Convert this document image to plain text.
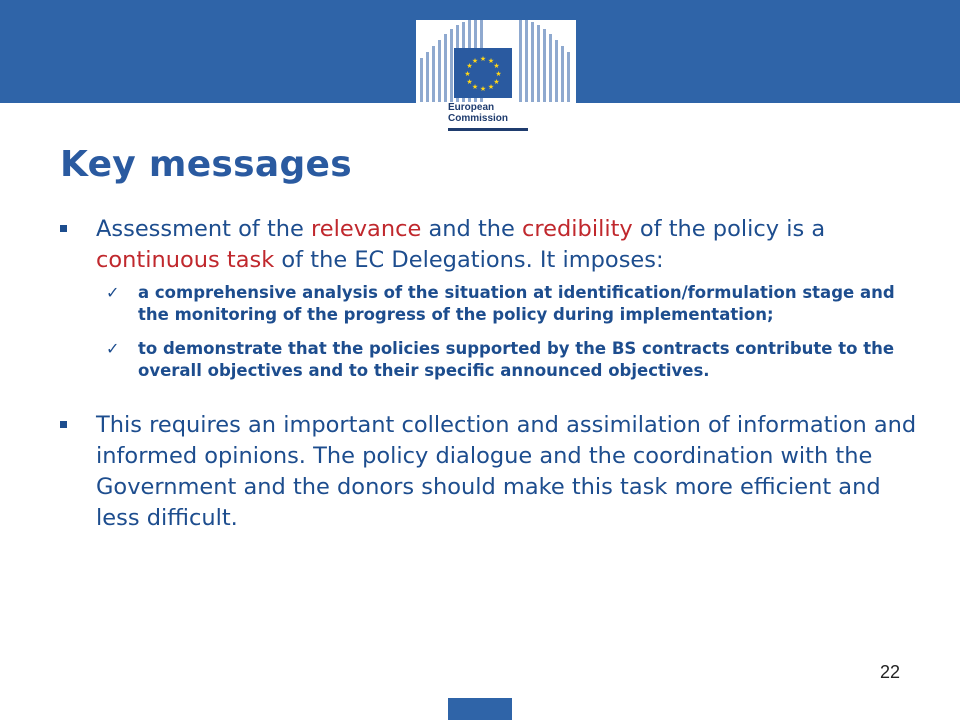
★ ★
★
★
★
★
★
★
★
★
★
★
European
Commission
Key messages
Assessment of the relevance and the credibility of the policy is a continuous task of the EC Delegations. It imposes:
✓ a comprehensive analysis of the situation at identification/formulation stage and the monitoring of the progress of the policy during implementation;
✓ to demonstrate that the policies supported by the BS contracts contribute to the overall objectives and to their specific announced objectives.
This requires an important collection and assimilation of information and informed opinions. The policy dialogue and the coordination with the Government and the donors should make this task more efficient and less difficult.
22
